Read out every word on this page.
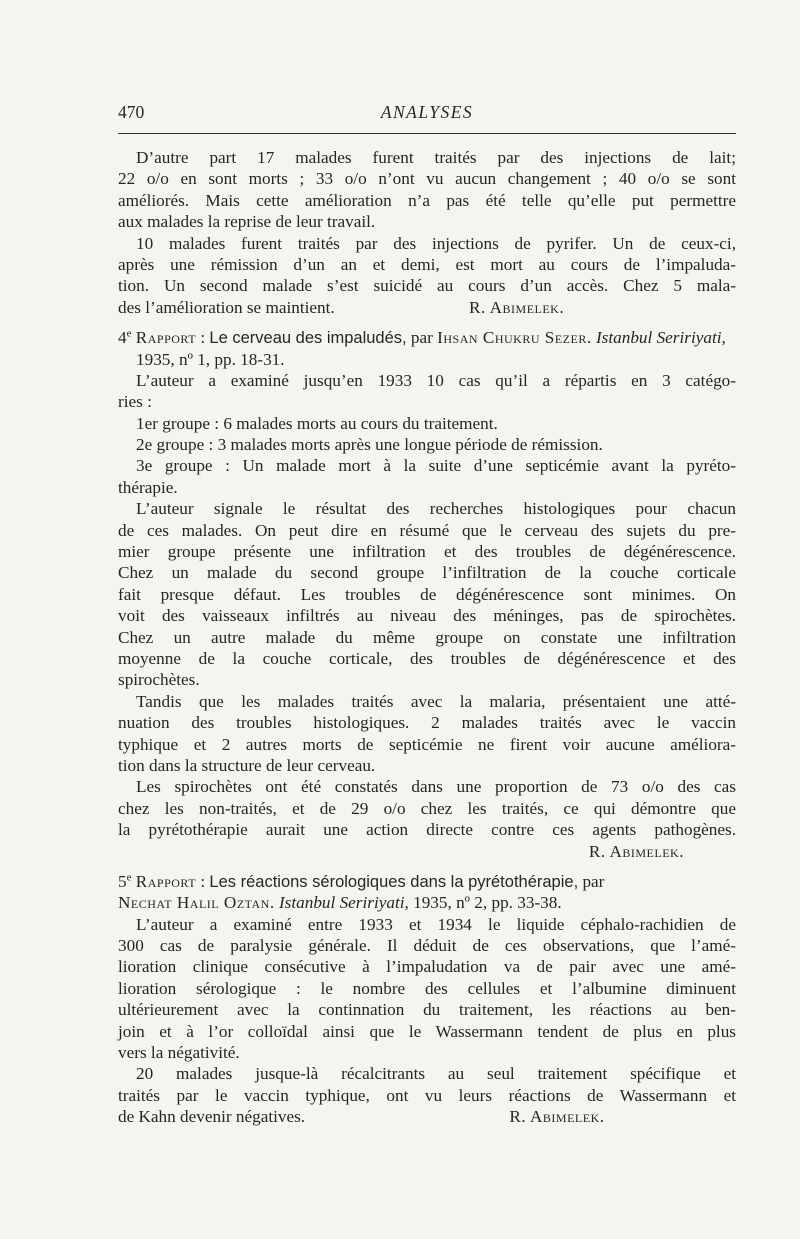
470	ANALYSES
D’autre part 17 malades furent traités par des injections de lait;
22 o/o en sont morts ; 33 o/o n’ont vu aucun changement ; 40 o/o se sont
améliorés. Mais cette amélioration n’a pas été telle qu’elle put permettre
aux malades la reprise de leur travail.
10 malades furent traités par des injections de pyrifer. Un de ceux-ci,
après une rémission d’un an et demi, est mort au cours de l’impaluda-
tion. Un second malade s’est suicidé au cours d’un accès. Chez 5 mala-
des l’amélioration se maintient.	R. Abimelek.
4e Rapport : Le cerveau des impaludés, par Ihsan Chukru Sezer. Istanbul Seririyati,
1935, nº 1, pp. 18-31.
L’auteur a examiné jusqu’en 1933 10 cas qu’il a répartis en 3 catégo-
ries :
1er groupe : 6 malades morts au cours du traitement.
2e groupe : 3 malades morts après une longue période de rémission.
3e groupe : Un malade mort à la suite d’une septicémie avant la pyréto-
thérapie.
L’auteur signale le résultat des recherches histologiques pour chacun
de ces malades. On peut dire en résumé que le cerveau des sujets du pre-
mier groupe présente une infiltration et des troubles de dégénérescence.
Chez un malade du second groupe l’infiltration de la couche corticale
fait presque défaut. Les troubles de dégénérescence sont minimes. On
voit des vaisseaux infiltrés au niveau des méninges, pas de spirochètes.
Chez un autre malade du même groupe on constate une infiltration
moyenne de la couche corticale, des troubles de dégénérescence et des
spirochètes.
Tandis que les malades traités avec la malaria, présentaient une atté-
nuation des troubles histologiques. 2 malades traités avec le vaccin
typhique et 2 autres morts de septicémie ne firent voir aucune améliora-
tion dans la structure de leur cerveau.
Les spirochètes ont été constatés dans une proportion de 73 o/o des cas
chez les non-traités, et de 29 o/o chez les traités, ce qui démontre que
la pyrétothérapie aurait une action directe contre ces agents pathogènes.
R. Abimelek.
5e Rapport : Les réactions sérologiques dans la pyrétothérapie, par
Nechat Halil Oztan. Istanbul Seririyati, 1935, nº 2, pp. 33-38.
L’auteur a examiné entre 1933 et 1934 le liquide céphalo-rachidien de
300 cas de paralysie générale. Il déduit de ces observations, que l’amé-
lioration clinique consécutive à l’impaludation va de pair avec une amé-
lioration sérologique : le nombre des cellules et l’albumine diminuent
ultérieurement avec la continnation du traitement, les réactions au ben-
join et à l’or colloïdal ainsi que le Wassermann tendent de plus en plus
vers la négativité.
20 malades jusque-là récalcitrants au seul traitement spécifique et
traités par le vaccin typhique, ont vu leurs réactions de Wassermann et
de Kahn devenir négatives.	R. Abimelek.
